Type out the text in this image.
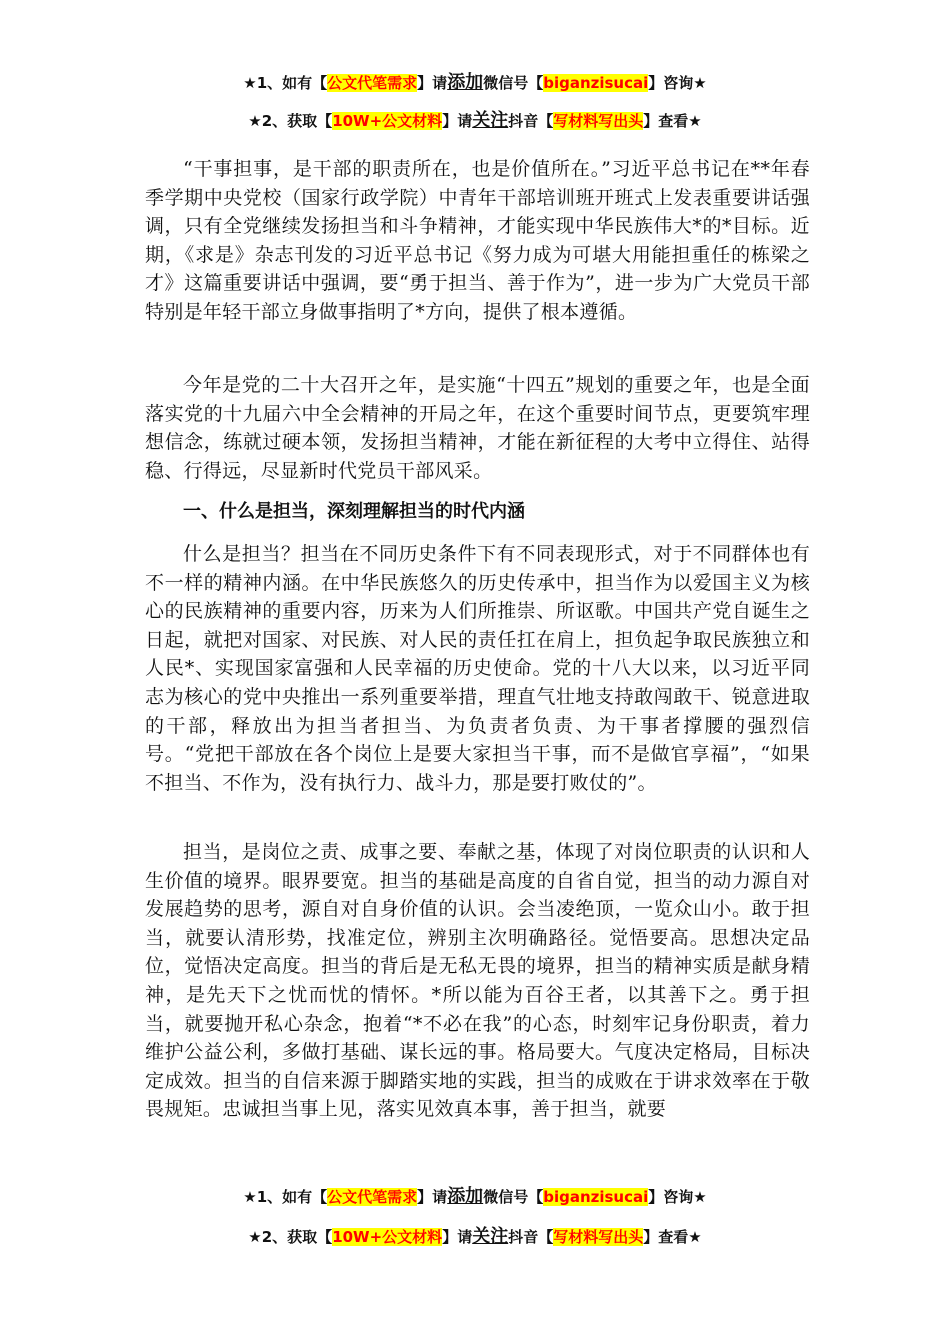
★1、如有【公文代笔需求】请添加微信号【biganzisucai】咨询★
★2、获取【10W+公文材料】请关注抖音【写材料写出头】查看★

“干事担事，是干部的职责所在，也是价值所在。”习近平总书记在**年春季学期中央党校（国家行政学院）中青年干部培训班开班式上发表重要讲话强调，只有全党继续发扬担当和斗争精神，才能实现中华民族伟大*的*目标。近期，《求是》杂志刊发的习近平总书记《努力成为可堪大用能担重任的栋梁之才》这篇重要讲话中强调，要“勇于担当、善于作为”，进一步为广大党员干部特别是年轻干部立身做事指明了*方向，提供了根本遵循。

今年是党的二十大召开之年，是实施“十四五”规划的重要之年，也是全面落实党的十九届六中全会精神的开局之年，在这个重要时间节点，更要筑牢理想信念，练就过硬本领，发扬担当精神，才能在新征程的大考中立得住、站得稳、行得远，尽显新时代党员干部风采。

一、什么是担当，深刻理解担当的时代内涵

什么是担当？担当在不同历史条件下有不同表现形式，对于不同群体也有不一样的精神内涵。在中华民族悠久的历史传承中，担当作为以爱国主义为核心的民族精神的重要内容，历来为人们所推崇、所讴歌。中国共产党自诞生之日起，就把对国家、对民族、对人民的责任扛在肩上，担负起争取民族独立和人民*、实现国家富强和人民幸福的历史使命。党的十八大以来，以习近平同志为核心的党中央推出一系列重要举措，理直气壮地支持敢闯敢干、锐意进取的干部，释放出为担当者担当、为负责者负责、为干事者撑腰的强烈信号。“党把干部放在各个岗位上是要大家担当干事，而不是做官享福”，“如果不担当、不作为，没有执行力、战斗力，那是要打败仗的”。

担当，是岗位之责、成事之要、奉献之基，体现了对岗位职责的认识和人生价值的境界。眼界要宽。担当的基础是高度的自省自觉，担当的动力源自对发展趋势的思考，源自对自身价值的认识。会当凌绝顶，一览众山小。敢于担当，就要认清形势，找准定位，辨别主次明确路径。觉悟要高。思想决定品位，觉悟决定高度。担当的背后是无私无畏的境界，担当的精神实质是献身精神，是先天下之忧而忧的情怀。*所以能为百谷王者，以其善下之。勇于担当，就要抛开私心杂念，抱着“*不必在我”的心态，时刻牢记身份职责，着力维护公益公利，多做打基础、谋长远的事。格局要大。气度决定格局，目标决定成效。担当的自信来源于脚踏实地的实践，担当的成败在于讲求效率在于敬畏规矩。忠诚担当事上见，落实见效真本事，善于担当，就要

★1、如有【公文代笔需求】请添加微信号【biganzisucai】咨询★
★2、获取【10W+公文材料】请关注抖音【写材料写出头】查看★
